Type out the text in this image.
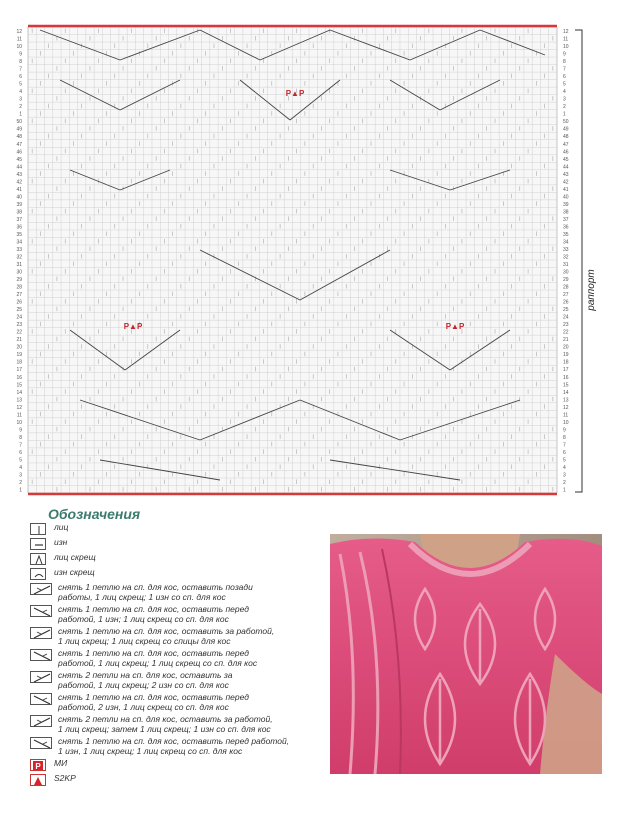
12
12
11
11
10
10
9
9
8
8
7
7
6
6
5
5
4
4
3
3
2
2
1
1
50
50
49
49
48
48
47
47
46
46
45
45
44
44
43
43
42
42
41
41
40
40
39
39
38
38
37
37
36
36
35
35
34
34
33
33
32
32
31
31
30
30
29
29
28
28
27
27
26
26
25
25
24
24
23
23
22
22
21
21
20
20
19
19
18
18
17
17
16
16
15
15
14
14
13
13
12
12
11
11
10
10
9
9
8
8
7
7
6
6
5
5
4
4
3
3
2
2
1
1
раппорт
P▲P
P▲P	P▲P
Обозначения
лиц
изн
лиц скрещ
изн скрещ
снять 1 петлю на сп. для кос, оставить позади
работы, 1 лиц скрещ; 1 изн со сп. для кос
снять 1 петлю на сп. для кос, оставить перед
работой, 1 изн; 1 лиц скрещ со сп. для кос
снять 1 петлю на сп. для кос, оставить за работой,
1 лиц скрещ; 1 лиц скрещ со спицы для кос
снять 1 петлю на сп. для кос, оставить перед
работой, 1 лиц скрещ; 1 лиц скрещ со сп. для кос
снять 2 петли на сп. для кос, оставить за
работой, 1 лиц скрещ; 2 изн со сп. для кос
снять 1 петлю на сп. для кос, оставить перед
работой, 2 изн, 1 лиц скрещ со сп. для кос
снять 2 петли на сп. для кос, оставить за работой,
1 лиц скрещ; затем 1 лиц скрещ; 1 изн со сп. для кос
снять 1 петлю на сп. для кос, оставить перед работой,
1 изн, 1 лиц скрещ; 1 лиц скрещ со сп. для кос
P МИ
S2KP
